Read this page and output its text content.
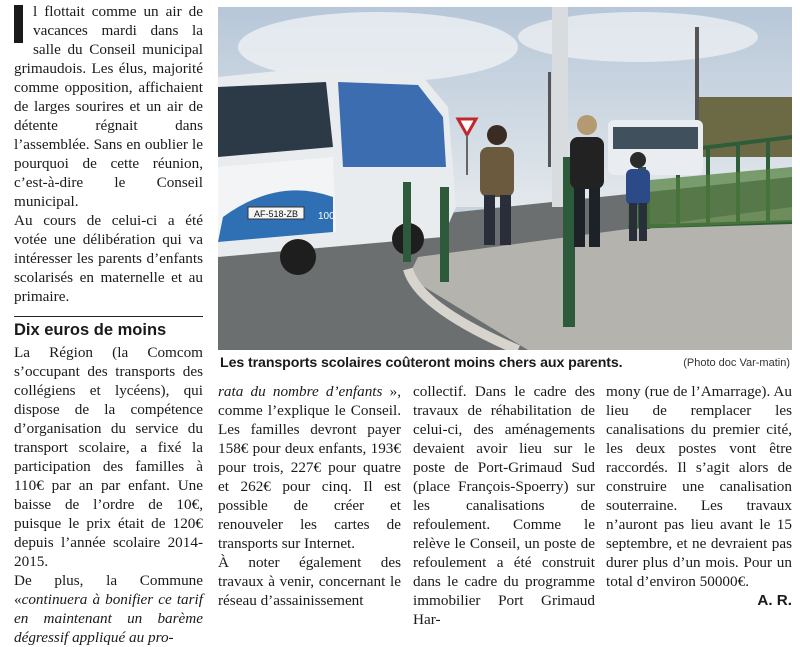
l flottait comme un air de vacances mardi dans la salle du Conseil municipal grimaudois. Les élus, majorité comme opposition, affichaient de larges sourires et un air de détente régnait dans l’assemblée. Sans en oublier le pourquoi de cette réunion, c’est-à-dire le Conseil municipal.

Au cours de celui-ci a été votée une délibération qui va intéresser les parents d’enfants scolarisés en maternelle et au primaire.

Dix euros de moins

La Région (la Comcom s’occupant des transports des collégiens et lycéens), qui dispose de la compétence d’organisation du service du transport scolaire, a fixé la participation des familles à 110€ par an par enfant. Une baisse de l’ordre de 10€, puisque le prix était de 120€ depuis l’année scolaire 2014-2015.

De plus, la Commune «continuera à bonifier ce tarif en maintenant un barème dégressif appliqué au pro-

AF-518-ZB 100
Les transports scolaires coûteront moins chers aux parents.	(Photo doc Var-matin)

rata du nombre d’enfants », comme l’explique le Conseil. Les familles devront payer 158€ pour deux enfants, 193€ pour trois, 227€ pour quatre et 262€ pour cinq. Il est possible de créer et renouveler les cartes de transports sur Internet.

À noter également des travaux à venir, concernant le réseau d’assainissement

collectif. Dans le cadre des travaux de réhabilitation de celui-ci, des aménagements devaient avoir lieu sur le poste de Port-Grimaud Sud (place François-Spoerry) sur les canalisations de refoulement. Comme le relève le Conseil, un poste de refoulement a été construit dans le cadre du programme immobilier Port Grimaud Har-

mony (rue de l’Amarrage). Au lieu de remplacer les canalisations du premier cité, les deux postes vont être raccordés. Il s’agit alors de construire une canalisation souterraine. Les travaux n’auront pas lieu avant le 15 septembre, et ne devraient pas durer plus d’un mois. Pour un total d’environ 50000€.

A. R.
